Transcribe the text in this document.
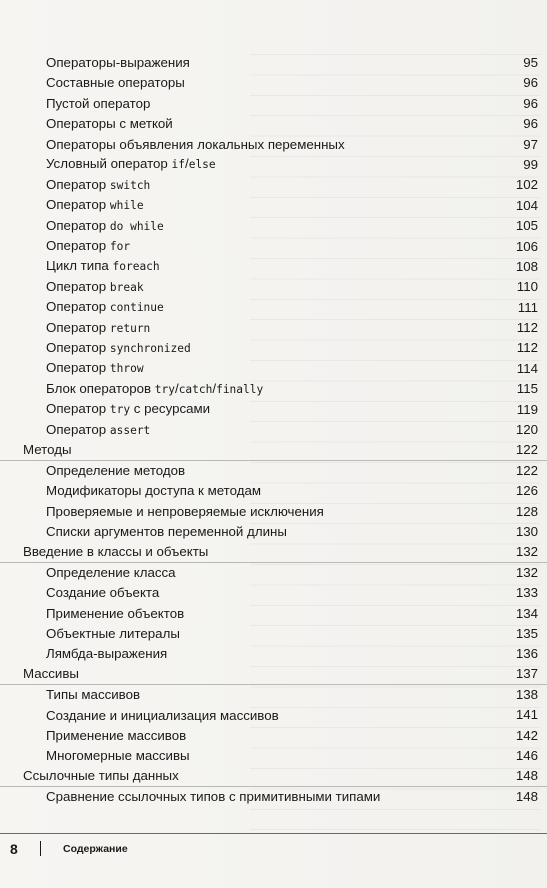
Операторы-выражения	95
Составные операторы	96
Пустой оператор	96
Операторы с меткой	96
Операторы объявления локальных переменных	97
Условный оператор if/else	99
Оператор switch	102
Оператор while	104
Оператор do while	105
Оператор for	106
Цикл типа foreach	108
Оператор break	110
Оператор continue	111
Оператор return	112
Оператор synchronized	112
Оператор throw	114
Блок операторов try/catch/finally	115
Оператор try с ресурсами	119
Оператор assert	120
Методы	122
Определение методов	122
Модификаторы доступа к методам	126
Проверяемые и непроверяемые исключения	128
Списки аргументов переменной длины	130
Введение в классы и объекты	132
Определение класса	132
Создание объекта	133
Применение объектов	134
Объектные литералы	135
Лямбда-выражения	136
Массивы	137
Типы массивов	138
Создание и инициализация массивов	141
Применение массивов	142
Многомерные массивы	146
Ссылочные типы данных	148
Сравнение ссылочных типов с примитивными типами	148
8	Содержание
